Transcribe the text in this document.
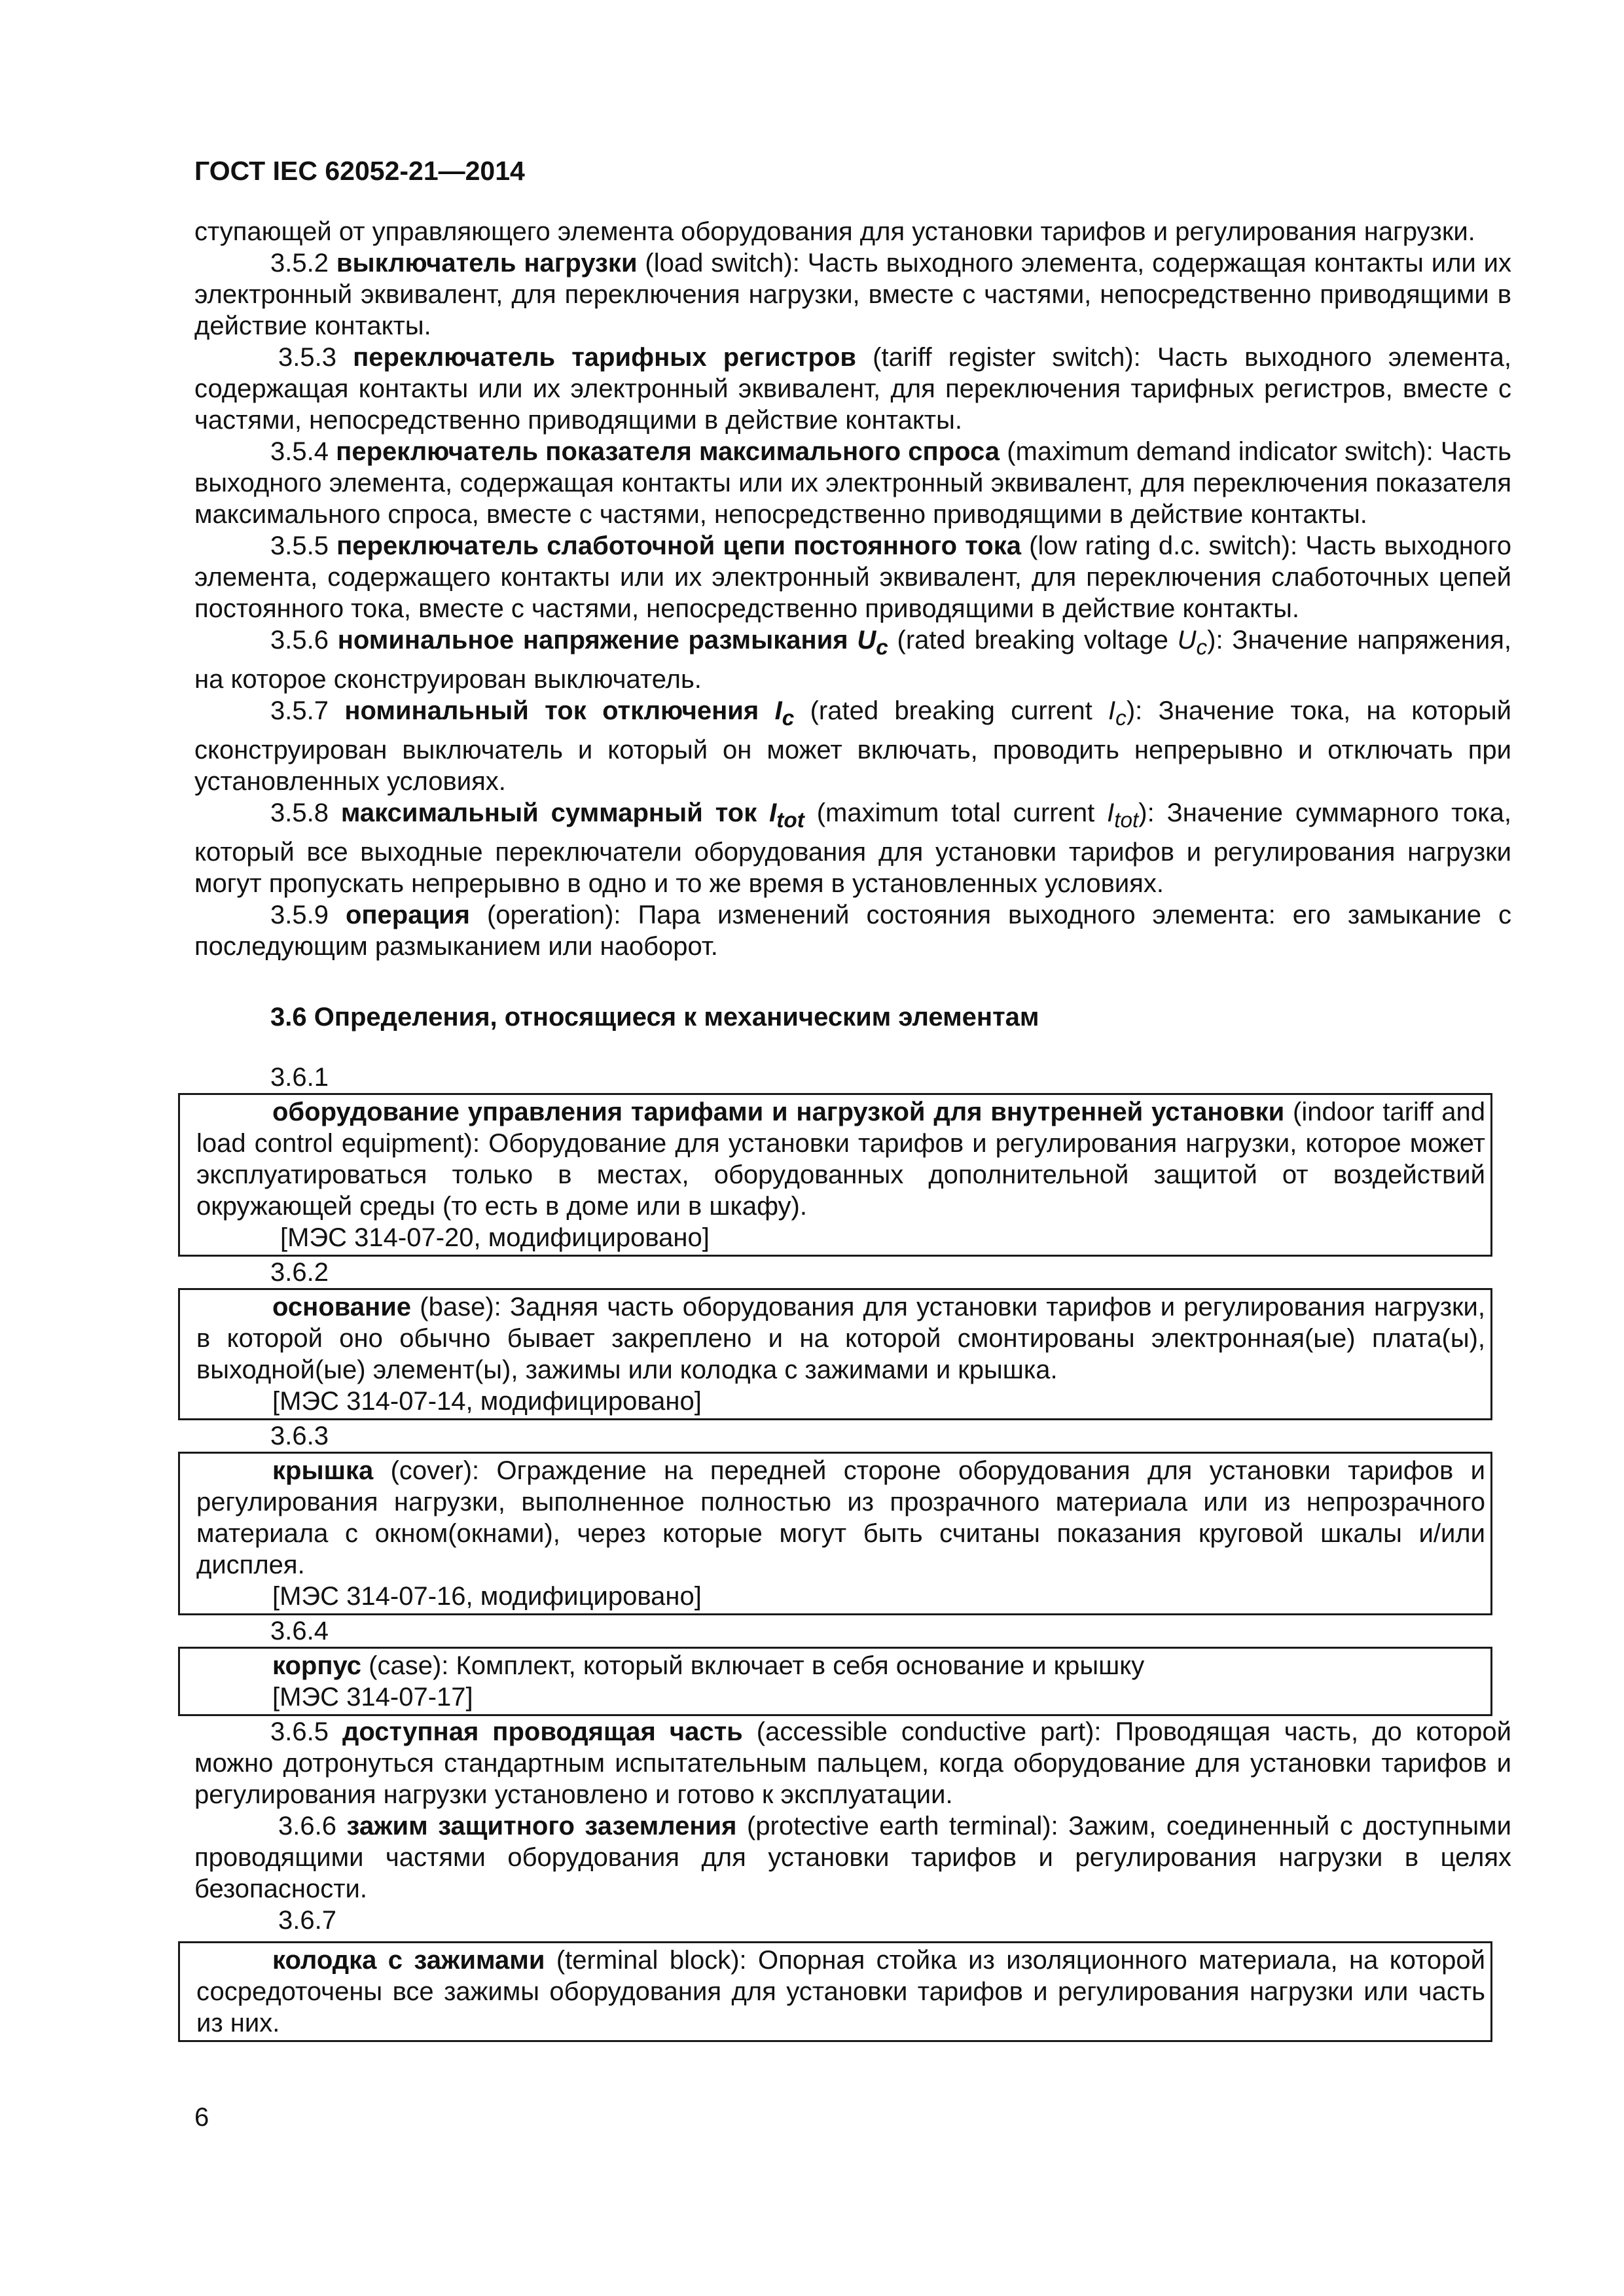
ГОСТ IEC 62052-21—2014

ступающей от управляющего элемента оборудования для установки тарифов и регулирования нагрузки.

3.5.2 выключатель нагрузки (load switch): Часть выходного элемента, содержащая контакты или их электронный эквивалент, для переключения нагрузки, вместе с частями, непосредственно приводящими в действие контакты.

3.5.3 переключатель тарифных регистров (tariff register switch): Часть выходного элемента, содержащая контакты или их электронный эквивалент, для переключения тарифных регистров, вместе с частями, непосредственно приводящими в действие контакты.

3.5.4 переключатель показателя максимального спроса (maximum demand indicator switch): Часть выходного элемента, содержащая контакты или их электронный эквивалент, для переключения показателя максимального спроса, вместе с частями, непосредственно приводящими в действие контакты.

3.5.5 переключатель слаботочной цепи постоянного тока (low rating d.c. switch): Часть выходного элемента, содержащего контакты или их электронный эквивалент, для переключения слаботочных цепей постоянного тока, вместе с частями, непосредственно приводящими в действие контакты.

3.5.6 номинальное напряжение размыкания $U_c$ (rated breaking voltage $U_c$): Значение напряжения, на которое сконструирован выключатель.

3.5.7 номинальный ток отключения $I_c$ (rated breaking current $I_c$): Значение тока, на который сконструирован выключатель и который он может включать, проводить непрерывно и отключать при установленных условиях.

3.5.8 максимальный суммарный ток $I_{tot}$ (maximum total current $I_{tot}$): Значение суммарного тока, который все выходные переключатели оборудования для установки тарифов и регулирования нагрузки могут пропускать непрерывно в одно и то же время в установленных условиях.

3.5.9 операция (operation): Пара изменений состояния выходного элемента: его замыкание с последующим размыканием или наоборот.

3.6 Определения, относящиеся к механическим элементам

3.6.1

оборудование управления тарифами и нагрузкой для внутренней установки (indoor tariff and load control equipment): Оборудование для установки тарифов и регулирования нагрузки, которое может эксплуатироваться только в местах, оборудованных дополнительной защитой от воздействий окружающей среды (то есть в доме или в шкафу).

[МЭС 314-07-20, модифицировано]

3.6.2

основание (base): Задняя часть оборудования для установки тарифов и регулирования нагрузки, в которой оно обычно бывает закреплено и на которой смонтированы электронная(ые) плата(ы), выходной(ые) элемент(ы), зажимы или колодка с зажимами и крышка.

[МЭС 314-07-14, модифицировано]

3.6.3

крышка (cover): Ограждение на передней стороне оборудования для установки тарифов и регулирования нагрузки, выполненное полностью из прозрачного материала или из непрозрачного материала с окном(окнами), через которые могут быть считаны показания круговой шкалы и/или дисплея.

[МЭС 314-07-16, модифицировано]

3.6.4

корпус (case): Комплект, который включает в себя основание и крышку

[МЭС 314-07-17]

3.6.5 доступная проводящая часть (accessible conductive part): Проводящая часть, до которой можно дотронуться стандартным испытательным пальцем, когда оборудование для установки тарифов и регулирования нагрузки установлено и готово к эксплуатации.

3.6.6 зажим защитного заземления (protective earth terminal): Зажим, соединенный с доступными проводящими частями оборудования для установки тарифов и регулирования нагрузки в целях безопасности.

3.6.7

колодка с зажимами (terminal block): Опорная стойка из изоляционного материала, на которой сосредоточены все зажимы оборудования для установки тарифов и регулирования нагрузки или часть из них.

6
